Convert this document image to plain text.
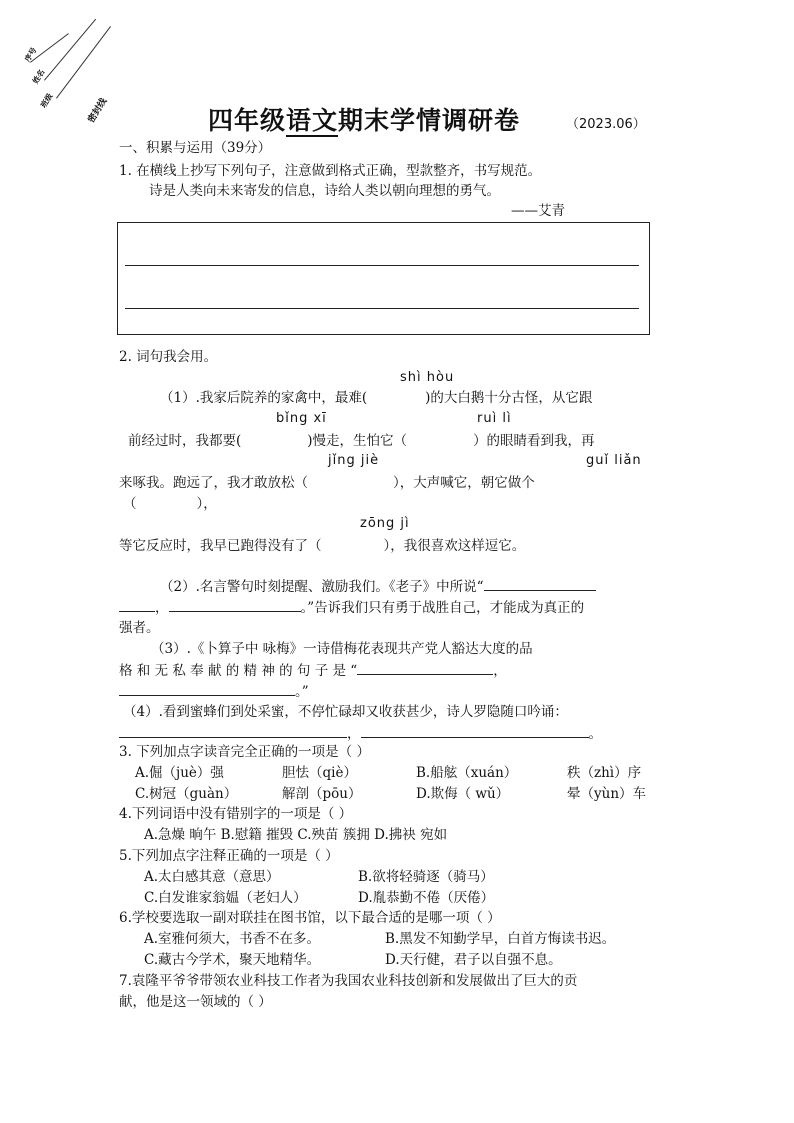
序号
姓名
班级	密封线	四年级语文期末学情调研卷	（2023.06）
一、积累与运用（39分）
1. 在横线上抄写下列句子，注意做到格式正确，型款整齐，书写规范。
诗是人类向未来寄发的信息，诗给人类以朝向理想的勇气。
——艾青
2. 词句我会用。
shì hòu
（1）.我家后院养的家禽中，最难(	)的大白鹅十分古怪，从它跟
bǐng xī	ruì lì
前经过时，我都要(	)慢走，生怕它（	）的眼睛看到我，再
jǐng jiè	guǐ liǎn
来啄我。跑远了，我才敢放松（	），大声喊它，朝它做个
（	），
zōng jì
等它反应时，我早已跑得没有了（	），我很喜欢这样逗它。
（2）.名言警句时刻提醒、激励我们。《老子》中所说“
，	。”告诉我们只有勇于战胜自己，才能成为真正的
强者。
（3）.《卜算子中 咏梅》一诗借梅花表现共产党人豁达大度的品
格 和 无 私 奉 献 的 精 神 的 句 子 是 “	，
。”
（4）.看到蜜蜂们到处采蜜，不停忙碌却又收获甚少，诗人罗隐随口吟诵：
，	。
3. 下列加点字读音完全正确的一项是（ ）
A.倔（juè）强	胆怯（qiè）	B.船舷（xuán）	秩（zhì）序
C.树冠（guàn）	解剖（pōu）	D.欺侮（ wǔ）	晕（yùn）车
4.下列词语中没有错别字的一项是（ ）
A.急燥 晌午 B.慰籍 摧毁 C.殃苗 簇拥 D.拂袂 宛如
5.下列加点字注释正确的一项是（ ）
A.太白感其意（意思）	B.欲将轻骑逐（骑马）
C.白发谁家翁媪（老妇人）	D.胤恭勤不倦（厌倦）
6.学校要选取一副对联挂在图书馆，以下最合适的是哪一项（ ）
A.室雅何须大，书香不在多。	B.黑发不知勤学早，白首方悔读书迟。
C.藏古今学术，聚天地精华。	D.天行健，君子以自强不息。
7.袁隆平爷爷带领农业科技工作者为我国农业科技创新和发展做出了巨大的贡
献，他是这一领域的（ ）
